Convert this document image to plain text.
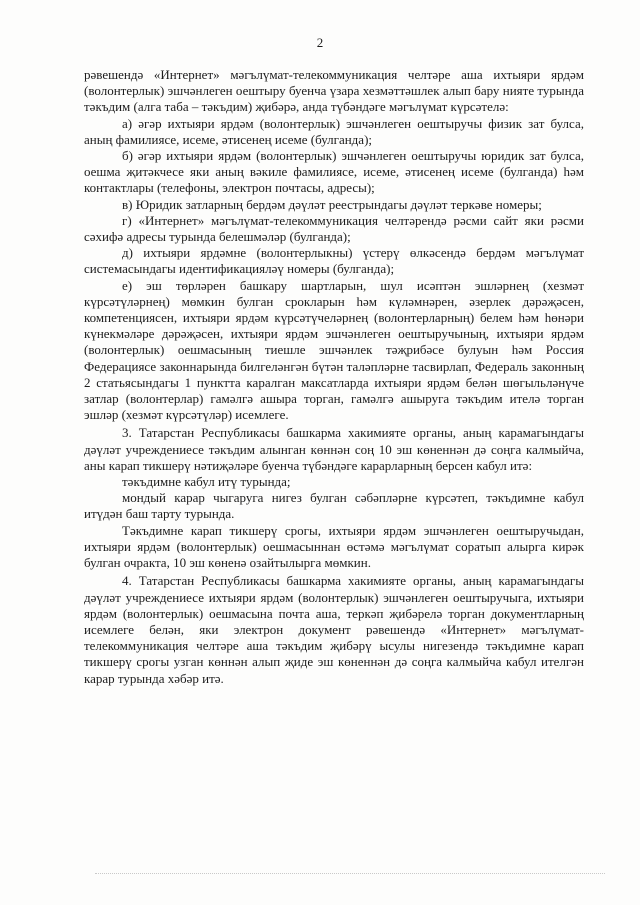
2

рәвешендә «Интернет» мәгълүмат-телекоммуникация челтәре аша ихтыяри ярдәм (волонтерлык) эшчәнлеген оештыру буенча үзара хезмәттәшлек алып бару нияте турында тәкъдим (алга таба – тәкъдим) җибәрә, анда түбәндәге мәгълүмат күрсәтелә:

а) әгәр ихтыяри ярдәм (волонтерлык) эшчәнлеген оештыручы физик зат булса, аның фамилиясе, исеме, әтисенең исеме (булганда);

б) әгәр ихтыяри ярдәм (волонтерлык) эшчәнлеген оештыручы юридик зат булса, оешма җитәкчесе яки аның вәкиле фамилиясе, исеме, әтисенең исеме (булганда) һәм контактлары (телефоны, электрон почтасы, адресы);

в) Юридик затларның бердәм дәүләт реестрындагы дәүләт теркәве номеры;

г) «Интернет» мәгълүмат-телекоммуникация челтәрендә рәсми сайт яки рәсми сәхифә адресы турында белешмәләр (булганда);

д) ихтыяри ярдәмне (волонтерлыкны) үстерү өлкәсендә бердәм мәгълүмат системасындагы идентификацияләү номеры (булганда);

е) эш төрләрен башкару шартларын, шул исәптән эшләрнең (хезмәт күрсәтүләрнең) мөмкин булган срокларын һәм күләмнәрен, әзерлек дәрәҗәсен, компетенциясен, ихтыяри ярдәм күрсәтүчеләрнең (волонтерларның) белем һәм һөнәри күнекмәләре дәрәҗәсен, ихтыяри ярдәм эшчәнлеген оештыручының, ихтыяри ярдәм (волонтерлык) оешмасының тиешле эшчәнлек тәҗрибәсе булуын һәм Россия Федерациясе законнарында билгеләнгән бүтән таләпләрне тасвирлап, Федераль законның 2 статьясындагы 1 пунктта каралган максатларда ихтыяри ярдәм белән шөгыльләнүче затлар (волонтерлар) гамәлгә ашыра торган, гамәлгә ашыруга тәкъдим ителә торган эшләр (хезмәт күрсәтүләр) исемлеге.

3. Татарстан Республикасы башкарма хакимияте органы, аның карамагындагы дәүләт учреждениесе тәкъдим алынган көннән соң 10 эш көненнән дә соңга калмыйча, аны карап тикшерү нәтиҗәләре буенча түбәндәге карарларның берсен кабул итә:

тәкъдимне кабул итү турында;

мондый карар чыгаруга нигез булган сәбәпләрне күрсәтеп, тәкъдимне кабул итүдән баш тарту турында.

Тәкъдимне карап тикшерү срогы, ихтыяри ярдәм эшчәнлеген оештыручыдан, ихтыяри ярдәм (волонтерлык) оешмасыннан өстәмә мәгълүмат соратып алырга кирәк булган очракта, 10 эш көненә озайтылырга мөмкин.

4. Татарстан Республикасы башкарма хакимияте органы, аның карамагындагы дәүләт учреждениесе ихтыяри ярдәм (волонтерлык) эшчәнлеген оештыручыга, ихтыяри ярдәм (волонтерлык) оешмасына почта аша, теркәп җибәрелә торган документларның исемлеге белән, яки электрон документ рәвешендә «Интернет» мәгълүмат-телекоммуникация челтәре аша тәкъдим җибәрү ысулы нигезендә тәкъдимне карап тикшерү срогы узган көннән алып җиде эш көненнән дә соңга калмыйча кабул ителгән карар турында хәбәр итә.
